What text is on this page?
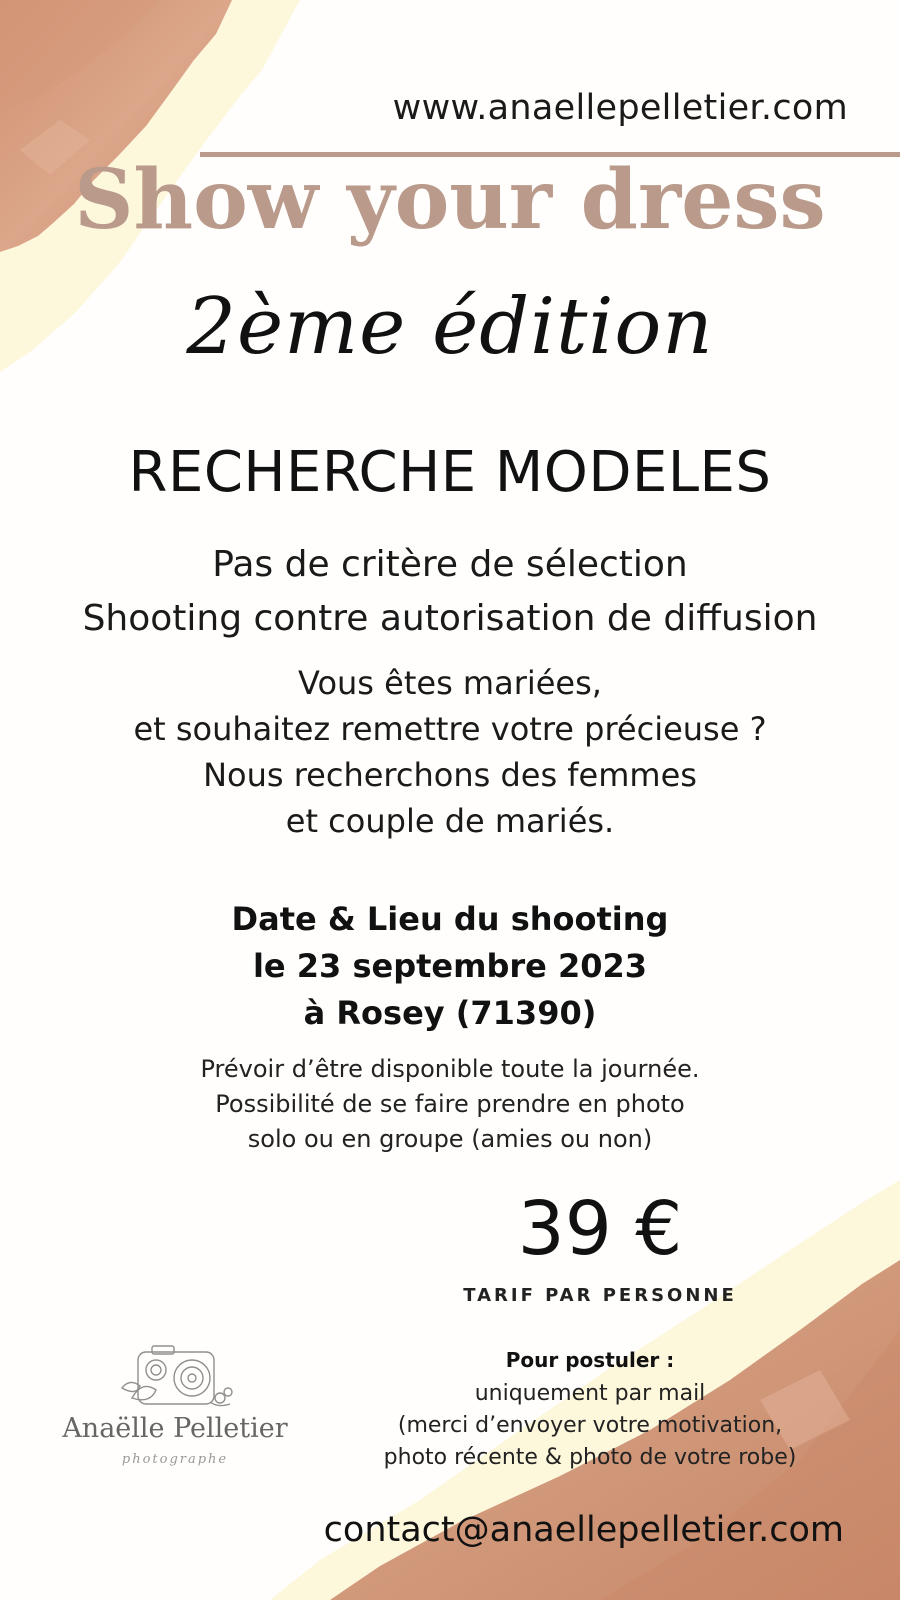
www.anaellepelletier.com
Show your dress
2ème édition
RECHERCHE MODELES
Pas de critère de sélection
Shooting contre autorisation de diffusion
Vous êtes mariées,
et souhaitez remettre votre précieuse ?
Nous recherchons des femmes
et couple de mariés.
Date & Lieu du shooting
le 23 septembre 2023
à Rosey (71390)
Prévoir d’être disponible toute la journée.
Possibilité de se faire prendre en photo
solo ou en groupe (amies ou non)
39 €
TARIF PAR PERSONNE
Pour postuler :
uniquement par mail
(merci d’envoyer votre motivation,
photo récente & photo de votre robe)
Anaëlle Pelletier
photographe
contact@anaellepelletier.com
